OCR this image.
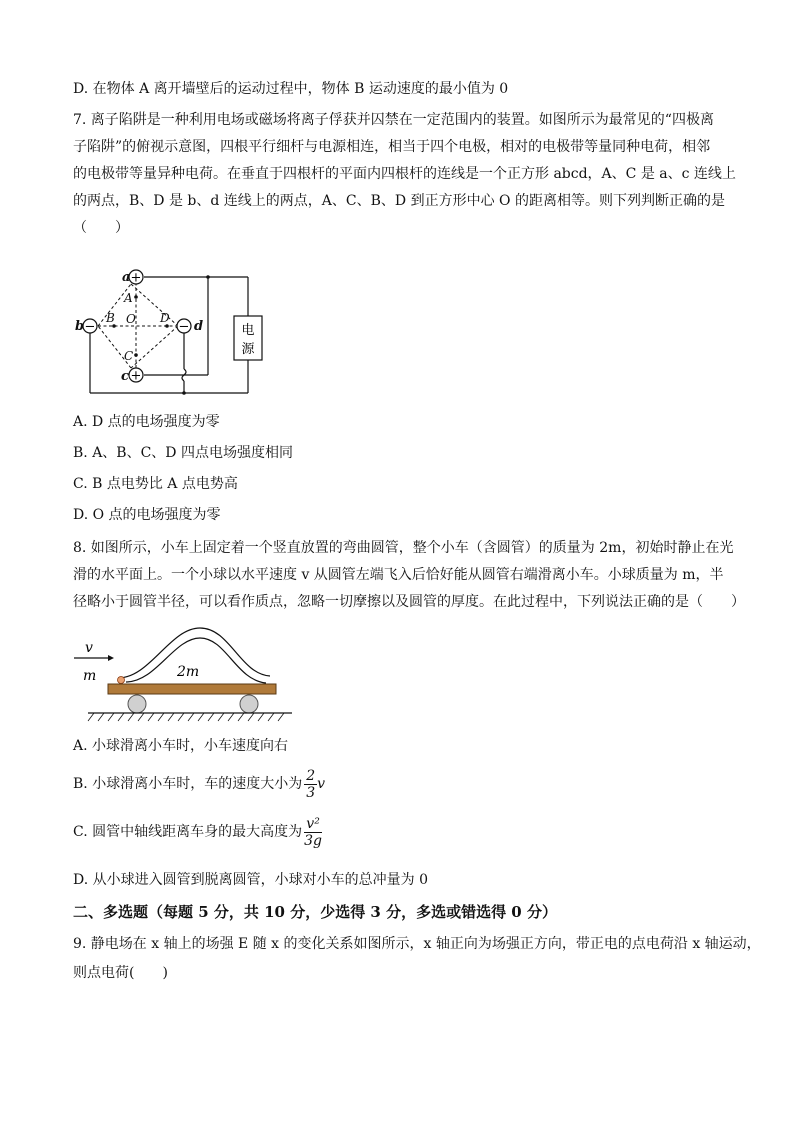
D. 在物体 A 离开墙壁后的运动过程中，物体 B 运动速度的最小值为 0
7. 离子陷阱是一种利用电场或磁场将离子俘获并囚禁在一定范围内的装置。如图所示为最常见的“四极离
子陷阱”的俯视示意图，四根平行细杆与电源相连，相当于四个电极，相对的电极带等量同种电荷，相邻
的电极带等量异种电荷。在垂直于四根杆的平面内四根杆的连线是一个正方形 abcd，A、C 是 a、c 连线上
的两点，B、D 是 b、d 连线上的两点，A、C、B、D 到正方形中心 O 的距离相等。则下列判断正确的是
（　　）
+
+
−	−
a
b
c
d
A
B
C
D
O
电
源
A. D 点的电场强度为零
B. A、B、C、D 四点电场强度相同
C. B 点电势比 A 点电势高
D. O 点的电场强度为零
8. 如图所示，小车上固定着一个竖直放置的弯曲圆管，整个小车（含圆管）的质量为 2m，初始时静止在光
滑的水平面上。一个小球以水平速度 v 从圆管左端飞入后恰好能从圆管右端滑离小车。小球质量为 m，半
径略小于圆管半径，可以看作质点，忽略一切摩擦以及圆管的厚度。在此过程中，下列说法正确的是（　　）
v
m	2m
A. 小球滑离小车时，小车速度向右
B. 小球滑离小车时，车的速度大小为 $\frac{2}{3}$ v
C. 圆管中轴线距离车身的最大高度为 $\frac{\text{v²}}{3g}$
D. 从小球进入圆管到脱离圆管，小球对小车的总冲量为 0
二、多选题（每题 5 分，共 10 分，少选得 3 分，多选或错选得 0 分）
9. 静电场在 x 轴上的场强 E 随 x 的变化关系如图所示，x 轴正向为场强正方向，带正电的点电荷沿 x 轴运动，
则点电荷(　　)
